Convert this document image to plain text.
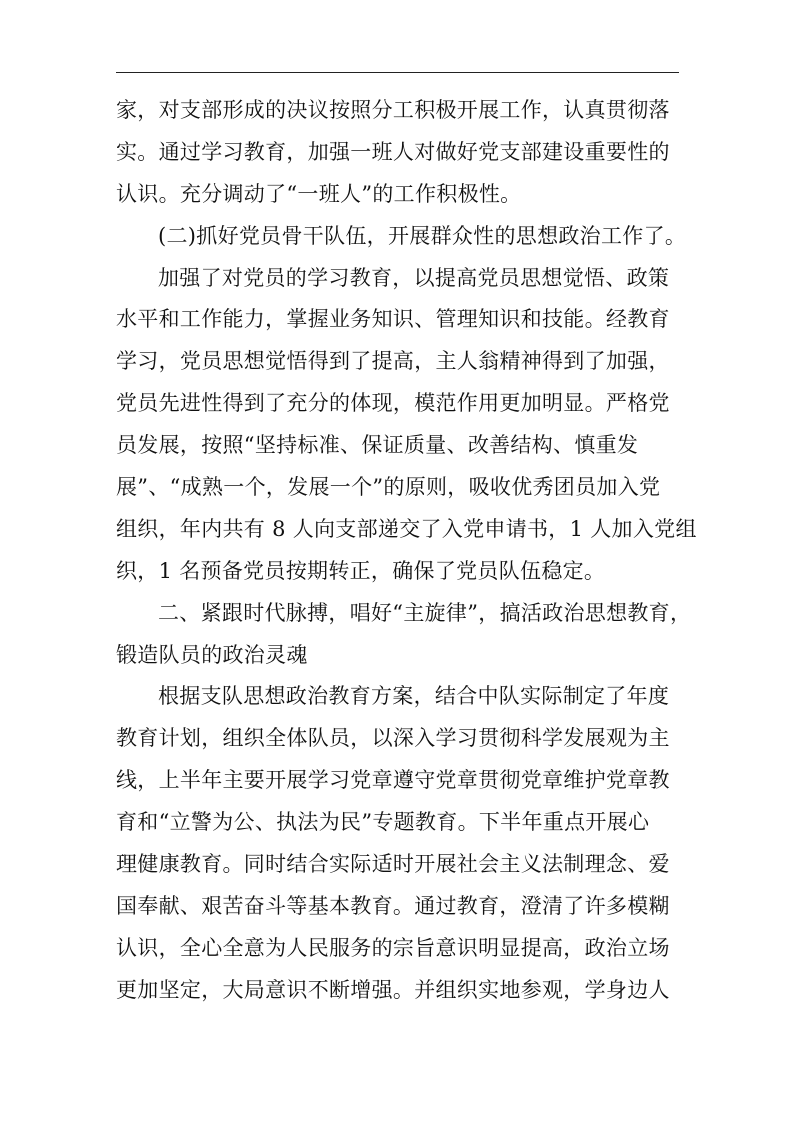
家，对支部形成的决议按照分工积极开展工作，认真贯彻落
实。通过学习教育，加强一班人对做好党支部建设重要性的
认识。充分调动了“一班人”的工作积极性。
(二)抓好党员骨干队伍，开展群众性的思想政治工作了。
加强了对党员的学习教育，以提高党员思想觉悟、政策
水平和工作能力，掌握业务知识、管理知识和技能。经教育
学习，党员思想觉悟得到了提高，主人翁精神得到了加强，
党员先进性得到了充分的体现，模范作用更加明显。严格党
员发展，按照“坚持标准、保证质量、改善结构、慎重发
展”、“成熟一个，发展一个”的原则，吸收优秀团员加入党
组织，年内共有 8 人向支部递交了入党申请书，1 人加入党组
织，1 名预备党员按期转正，确保了党员队伍稳定。
二、紧跟时代脉搏，唱好“主旋律”，搞活政治思想教育，
锻造队员的政治灵魂
根据支队思想政治教育方案，结合中队实际制定了年度
教育计划，组织全体队员，以深入学习贯彻科学发展观为主
线，上半年主要开展学习党章遵守党章贯彻党章维护党章教
育和“立警为公、执法为民”专题教育。下半年重点开展心
理健康教育。同时结合实际适时开展社会主义法制理念、爱
国奉献、艰苦奋斗等基本教育。通过教育，澄清了许多模糊
认识，全心全意为人民服务的宗旨意识明显提高，政治立场
更加坚定，大局意识不断增强。并组织实地参观，学身边人
